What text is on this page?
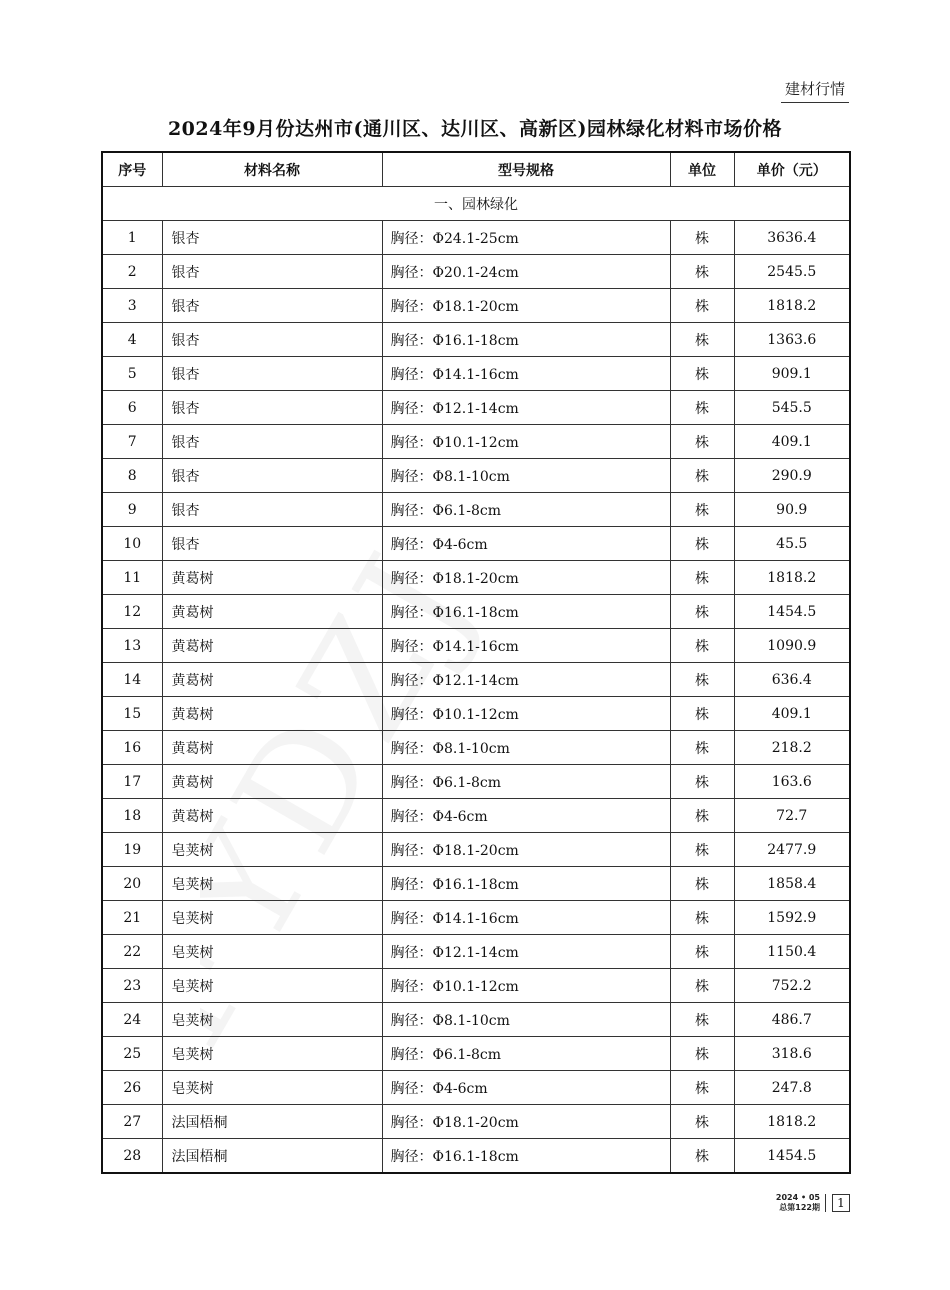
建材行情
2024年9月份达州市(通川区、达川区、高新区)园林绿化材料市场价格
序号	材料名称	型号规格	单位	单价（元）
一、园林绿化				
1	银杏	胸径：Φ24.1-25cm	株	3636.4
2	银杏	胸径：Φ20.1-24cm	株	2545.5
3	银杏	胸径：Φ18.1-20cm	株	1818.2
4	银杏	胸径：Φ16.1-18cm	株	1363.6
5	银杏	胸径：Φ14.1-16cm	株	909.1
6	银杏	胸径：Φ12.1-14cm	株	545.5
7	银杏	胸径：Φ10.1-12cm	株	409.1
8	银杏	胸径：Φ8.1-10cm	株	290.9
9	银杏	胸径：Φ6.1-8cm	株	90.9
10	银杏	胸径：Φ4-6cm	株	45.5
11	黄葛树	胸径：Φ18.1-20cm	株	1818.2
12	黄葛树	胸径：Φ16.1-18cm	株	1454.5
13	黄葛树	胸径：Φ14.1-16cm	株	1090.9
14	黄葛树	胸径：Φ12.1-14cm	株	636.4
15	黄葛树	胸径：Φ10.1-12cm	株	409.1
16	黄葛树	胸径：Φ8.1-10cm	株	218.2
17	黄葛树	胸径：Φ6.1-8cm	株	163.6
18	黄葛树	胸径：Φ4-6cm	株	72.7
19	皂荚树	胸径：Φ18.1-20cm	株	2477.9
20	皂荚树	胸径：Φ16.1-18cm	株	1858.4
21	皂荚树	胸径：Φ14.1-16cm	株	1592.9
22	皂荚树	胸径：Φ12.1-14cm	株	1150.4
23	皂荚树	胸径：Φ10.1-12cm	株	752.2
24	皂荚树	胸径：Φ8.1-10cm	株	486.7
25	皂荚树	胸径：Φ6.1-8cm	株	318.6
26	皂荚树	胸径：Φ4-6cm	株	247.8
27	法国梧桐	胸径：Φ18.1-20cm	株	1818.2
28	法国梧桐	胸径：Φ16.1-18cm	株	1454.5
2024 • 05
总第122期	1
